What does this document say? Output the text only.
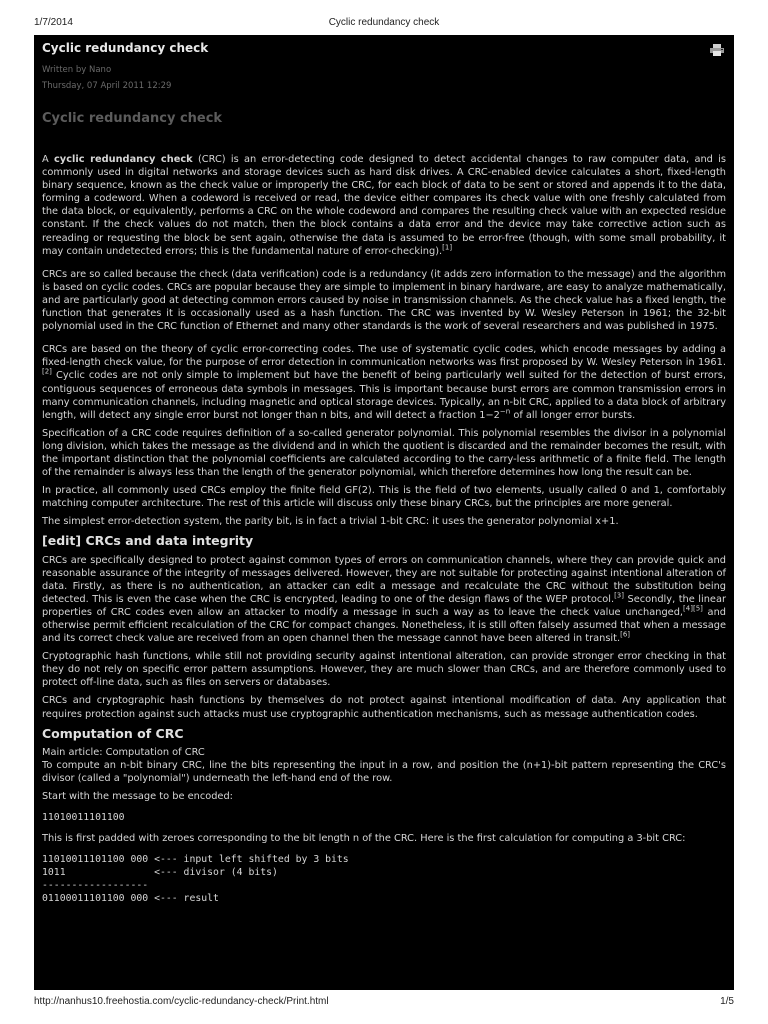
1/7/2014	Cyclic redundancy check
Cyclic redundancy check
Written by Nano
Thursday, 07 April 2011 12:29
Cyclic redundancy check

A cyclic redundancy check (CRC) is an error-detecting code designed to detect accidental changes to raw computer data, and is commonly used in digital networks and storage devices such as hard disk drives. A CRC-enabled device calculates a short, fixed-length binary sequence, known as the check value or improperly the CRC, for each block of data to be sent or stored and appends it to the data, forming a codeword. When a codeword is received or read, the device either compares its check value with one freshly calculated from the data block, or equivalently, performs a CRC on the whole codeword and compares the resulting check value with an expected residue constant. If the check values do not match, then the block contains a data error and the device may take corrective action such as rereading or requesting the block be sent again, otherwise the data is assumed to be error-free (though, with some small probability, it may contain undetected errors; this is the fundamental nature of error-checking).[1]

CRCs are so called because the check (data verification) code is a redundancy (it adds zero information to the message) and the algorithm is based on cyclic codes. CRCs are popular because they are simple to implement in binary hardware, are easy to analyze mathematically, and are particularly good at detecting common errors caused by noise in transmission channels. As the check value has a fixed length, the function that generates it is occasionally used as a hash function. The CRC was invented by W. Wesley Peterson in 1961; the 32-bit polynomial used in the CRC function of Ethernet and many other standards is the work of several researchers and was published in 1975.

CRCs are based on the theory of cyclic error-correcting codes. The use of systematic cyclic codes, which encode messages by adding a fixed-length check value, for the purpose of error detection in communication networks was first proposed by W. Wesley Peterson in 1961.[2] Cyclic codes are not only simple to implement but have the benefit of being particularly well suited for the detection of burst errors, contiguous sequences of erroneous data symbols in messages. This is important because burst errors are common transmission errors in many communication channels, including magnetic and optical storage devices. Typically, an n-bit CRC, applied to a data block of arbitrary length, will detect any single error burst not longer than n bits, and will detect a fraction $1-2^{-n}$ of all longer error bursts.

Specification of a CRC code requires definition of a so-called generator polynomial. This polynomial resembles the divisor in a polynomial long division, which takes the message as the dividend and in which the quotient is discarded and the remainder becomes the result, with the important distinction that the polynomial coefficients are calculated according to the carry-less arithmetic of a finite field. The length of the remainder is always less than the length of the generator polynomial, which therefore determines how long the result can be.

In practice, all commonly used CRCs employ the finite field GF(2). This is the field of two elements, usually called 0 and 1, comfortably matching computer architecture. The rest of this article will discuss only these binary CRCs, but the principles are more general.

The simplest error-detection system, the parity bit, is in fact a trivial 1-bit CRC: it uses the generator polynomial x+1.

[edit] CRCs and data integrity

CRCs are specifically designed to protect against common types of errors on communication channels, where they can provide quick and reasonable assurance of the integrity of messages delivered. However, they are not suitable for protecting against intentional alteration of data. Firstly, as there is no authentication, an attacker can edit a message and recalculate the CRC without the substitution being detected. This is even the case when the CRC is encrypted, leading to one of the design flaws of the WEP protocol.[3] Secondly, the linear properties of CRC codes even allow an attacker to modify a message in such a way as to leave the check value unchanged,[4][5] and otherwise permit efficient recalculation of the CRC for compact changes. Nonetheless, it is still often falsely assumed that when a message and its correct check value are received from an open channel then the message cannot have been altered in transit.[6]

Cryptographic hash functions, while still not providing security against intentional alteration, can provide stronger error checking in that they do not rely on specific error pattern assumptions. However, they are much slower than CRCs, and are therefore commonly used to protect off-line data, such as files on servers or databases.

CRCs and cryptographic hash functions by themselves do not protect against intentional modification of data. Any application that requires protection against such attacks must use cryptographic authentication mechanisms, such as message authentication codes.

Computation of CRC
Main article: Computation of CRC

To compute an n-bit binary CRC, line the bits representing the input in a row, and position the (n+1)-bit pattern representing the CRC's divisor (called a "polynomial") underneath the left-hand end of the row.

Start with the message to be encoded:

11010011101100

This is first padded with zeroes corresponding to the bit length n of the CRC. Here is the first calculation for computing a 3-bit CRC:

11010011101100 000 <--- input left shifted by 3 bits
1011               <--- divisor (4 bits)
------------------
01100011101100 000 <--- result
http://nanhus10.freehostia.com/cyclic-redundancy-check/Print.html	1/5
